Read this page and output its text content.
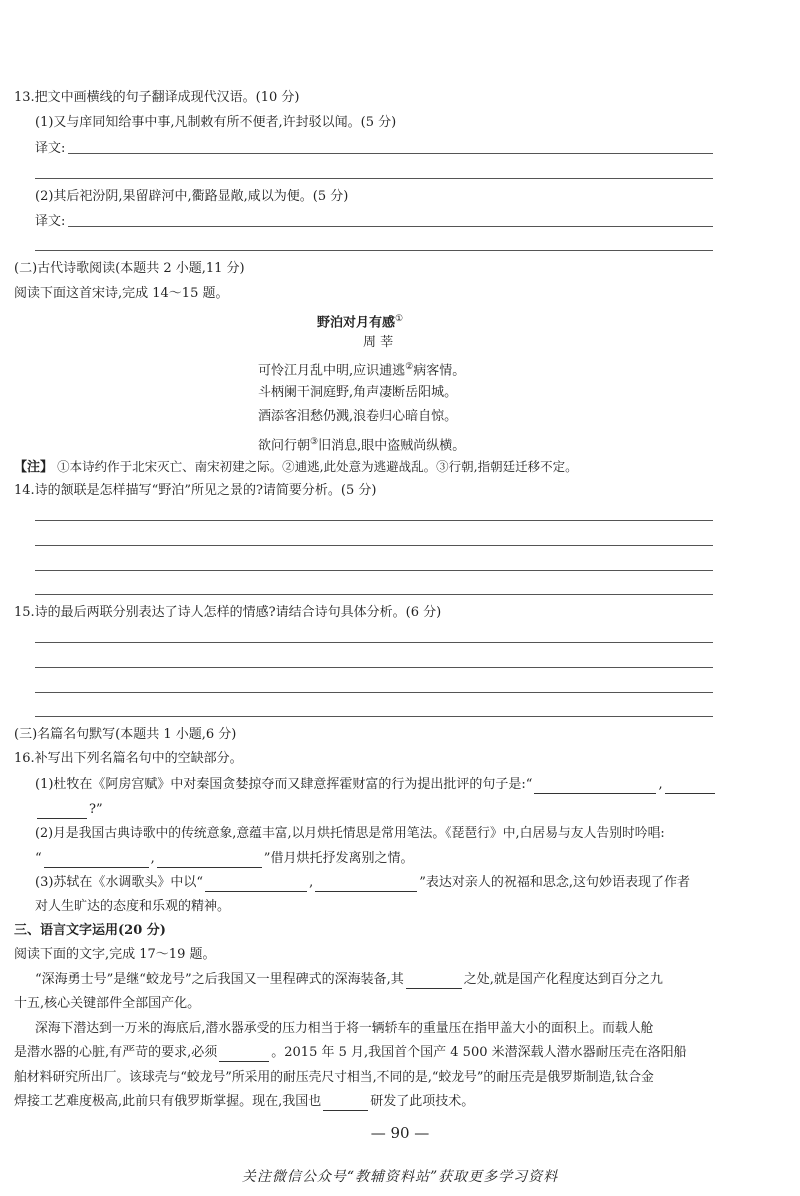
13.把文中画横线的句子翻译成现代汉语。(10 分)
(1)又与庠同知给事中事,凡制敕有所不便者,许封驳以闻。(5 分)
译文:
(2)其后祀汾阴,果留辟河中,衢路显敞,咸以为便。(5 分)
译文:
(二)古代诗歌阅读(本题共 2 小题,11 分)
阅读下面这首宋诗,完成 14～15 题。
野泊对月有感①
周 莘
可怜江月乱中明,应识逋逃②病客情。
斗柄阑干洞庭野,角声凄断岳阳城。
酒添客泪愁仍溅,浪卷归心暗自惊。
欲问行朝③旧消息,眼中盗贼尚纵横。
【注】 ①本诗约作于北宋灭亡、南宋初建之际。②逋逃,此处意为逃避战乱。③行朝,指朝廷迁移不定。
14.诗的颔联是怎样描写“野泊”所见之景的?请简要分析。(5 分)
15.诗的最后两联分别表达了诗人怎样的情感?请结合诗句具体分析。(6 分)
(三)名篇名句默写(本题共 1 小题,6 分)
16.补写出下列名篇名句中的空缺部分。
(1)杜牧在《阿房宫赋》中对秦国贪婪掠夺而又肆意挥霍财富的行为提出批评的句子是:“	,
?”
(2)月是我国古典诗歌中的传统意象,意蕴丰富,以月烘托情思是常用笔法。《琵琶行》中,白居易与友人告别时吟唱:
“	,	”借月烘托抒发离别之情。
(3)苏轼在《水调歌头》中以“	,	”表达对亲人的祝福和思念,这句妙语表现了作者
对人生旷达的态度和乐观的精神。
三、语言文字运用(20 分)
阅读下面的文字,完成 17～19 题。
“深海勇士号”是继“蛟龙号”之后我国又一里程碑式的深海装备,其	之处,就是国产化程度达到百分之九
十五,核心关键部件全部国产化。
深海下潜达到一万米的海底后,潜水器承受的压力相当于将一辆轿车的重量压在指甲盖大小的面积上。而载人舱
是潜水器的心脏,有严苛的要求,必须	。2015 年 5 月,我国首个国产 4 500 米潜深载人潜水器耐压壳在洛阳船
舶材料研究所出厂。该球壳与“蛟龙号”所采用的耐压壳尺寸相当,不同的是,“蛟龙号”的耐压壳是俄罗斯制造,钛合金
焊接工艺难度极高,此前只有俄罗斯掌握。现在,我国也	研发了此项技术。
— 90 —
关注微信公众号“教辅资料站”获取更多学习资料
